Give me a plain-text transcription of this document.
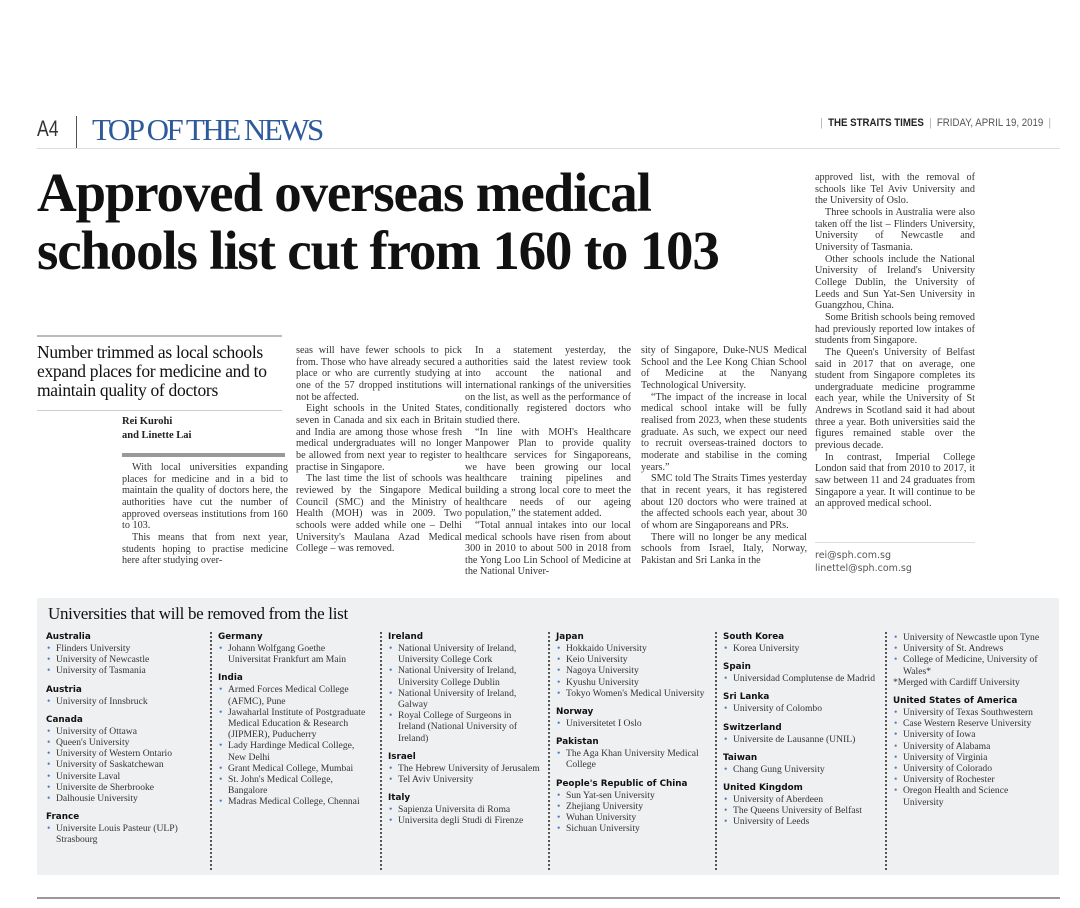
A4 TOP OF THE NEWS	| THE STRAITS TIMES | FRIDAY, APRIL 19, 2019 |
Approved overseas medical
schools list cut from 160 to 103
Number trimmed as local schools expand places for medicine and to maintain quality of doctors
Rei Kurohi
and Linette Lai

With local universities expanding places for medicine and in a bid to maintain the quality of doctors here, the authorities have cut the number of approved overseas institutions from 160 to 103.

This means that from next year, students hoping to practise medicine here after studying over-

seas will have fewer schools to pick from. Those who have already secured a place or who are currently studying at one of the 57 dropped institutions will not be affected.

Eight schools in the United States, seven in Canada and six each in Britain and India are among those whose fresh medical undergraduates will no longer be allowed from next year to register to practise in Singapore.

The last time the list of schools was reviewed by the Singapore Medical Council (SMC) and the Ministry of Health (MOH) was in 2009. Two schools were added while one – Delhi University's Maulana Azad Medical College – was removed.

In a statement yesterday, the authorities said the latest review took into account the national and international rankings of the universities on the list, as well as the performance of conditionally registered doctors who studied there.

“In line with MOH's Healthcare Manpower Plan to provide quality healthcare services for Singaporeans, we have been growing our local healthcare training pipelines and building a strong local core to meet the healthcare needs of our ageing population,” the statement added.

“Total annual intakes into our local medical schools have risen from about 300 in 2010 to about 500 in 2018 from the Yong Loo Lin School of Medicine at the National Univer-

sity of Singapore, Duke-NUS Medical School and the Lee Kong Chian School of Medicine at the Nanyang Technological University.

“The impact of the increase in local medical school intake will be fully realised from 2023, when these students graduate. As such, we expect our need to recruit overseas-trained doctors to moderate and stabilise in the coming years.”

SMC told The Straits Times yesterday that in recent years, it has registered about 120 doctors who were trained at the affected schools each year, about 30 of whom are Singaporeans and PRs.

There will no longer be any medical schools from Israel, Italy, Norway, Pakistan and Sri Lanka in the

approved list, with the removal of schools like Tel Aviv University and the University of Oslo.

Three schools in Australia were also taken off the list – Flinders University, University of Newcastle and University of Tasmania.

Other schools include the National University of Ireland's University College Dublin, the University of Leeds and Sun Yat-Sen University in Guangzhou, China.

Some British schools being removed had previously reported low intakes of students from Singapore.

The Queen's University of Belfast said in 2017 that on average, one student from Singapore completes its undergraduate medicine programme each year, while the University of St Andrews in Scotland said it had about three a year. Both universities said the figures remained stable over the previous decade.

In contrast, Imperial College London said that from 2010 to 2017, it saw between 11 and 24 graduates from Singapore a year. It will continue to be an approved medical school.

rei@sph.com.sg
linettel@sph.com.sg
Universities that will be removed from the list
Australia
• Flinders University
• University of Newcastle
• University of Tasmania
Austria
• University of Innsbruck
Canada
• University of Ottawa
• Queen's University
• University of Western Ontario
• University of Saskatchewan
• Universite Laval
• Universite de Sherbrooke
• Dalhousie University
France
• Universite Louis Pasteur (ULP) Strasbourg
Germany
• Johann Wolfgang Goethe Universitat Frankfurt am Main
India
• Armed Forces Medical College (AFMC), Pune
• Jawaharlal Institute of Postgraduate Medical Education & Research (JIPMER), Puducherry
• Lady Hardinge Medical College, New Delhi
• Grant Medical College, Mumbai
• St. John's Medical College, Bangalore
• Madras Medical College, Chennai
Ireland
• National University of Ireland, University College Cork
• National University of Ireland, University College Dublin
• National University of Ireland, Galway
• Royal College of Surgeons in Ireland (National University of Ireland)
Israel
• The Hebrew University of Jerusalem
• Tel Aviv University
Italy
• Sapienza Universita di Roma
• Universita degli Studi di Firenze
Japan
• Hokkaido University
• Keio University
• Nagoya University
• Kyushu University
• Tokyo Women's Medical University
Norway
• Universitetet I Oslo
Pakistan
• The Aga Khan University Medical College
People's Republic of China
• Sun Yat-sen University
• Zhejiang University
• Wuhan University
• Sichuan University
South Korea
• Korea University
Spain
• Universidad Complutense de Madrid
Sri Lanka
• University of Colombo
Switzerland
• Universite de Lausanne (UNIL)
Taiwan
• Chang Gung University
United Kingdom
• University of Aberdeen
• The Queens University of Belfast
• University of Leeds
• University of Newcastle upon Tyne
• University of St. Andrews
• College of Medicine, University of Wales*
*Merged with Cardiff University
United States of America
• University of Texas Southwestern
• Case Western Reserve University
• University of Iowa
• University of Alabama
• University of Virginia
• University of Colorado
• University of Rochester
• Oregon Health and Science University
